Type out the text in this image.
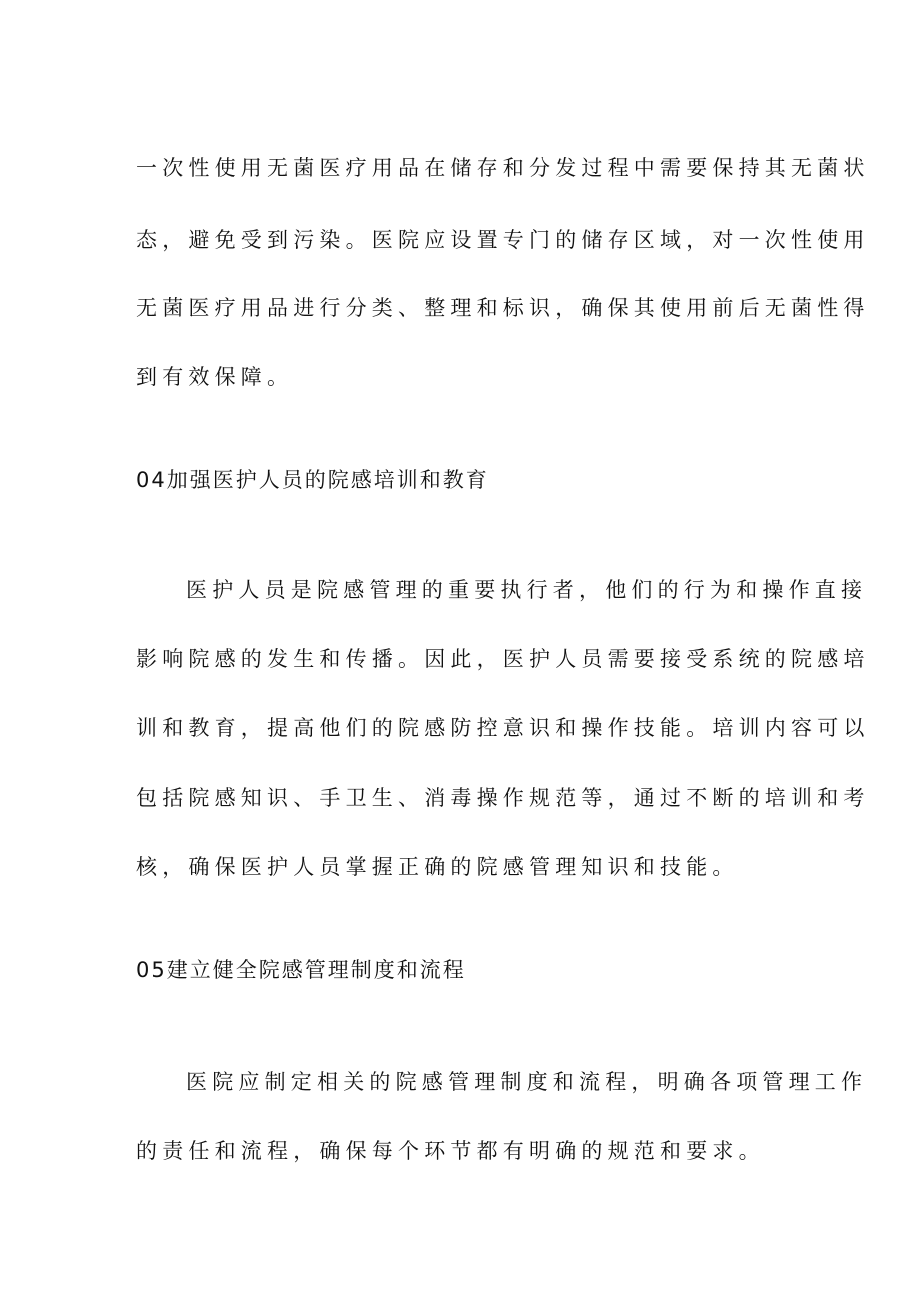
一次性使用无菌医疗用品在储存和分发过程中需要保持其无菌状
态，避免受到污染。医院应设置专门的储存区域，对一次性使用
无菌医疗用品进行分类、整理和标识，确保其使用前后无菌性得
到有效保障。
04加强医护人员的院感培训和教育
医护人员是院感管理的重要执行者，他们的行为和操作直接
影响院感的发生和传播。因此，医护人员需要接受系统的院感培
训和教育，提高他们的院感防控意识和操作技能。培训内容可以
包括院感知识、手卫生、消毒操作规范等，通过不断的培训和考
核，确保医护人员掌握正确的院感管理知识和技能。
05建立健全院感管理制度和流程
医院应制定相关的院感管理制度和流程，明确各项管理工作
的责任和流程，确保每个环节都有明确的规范和要求。
